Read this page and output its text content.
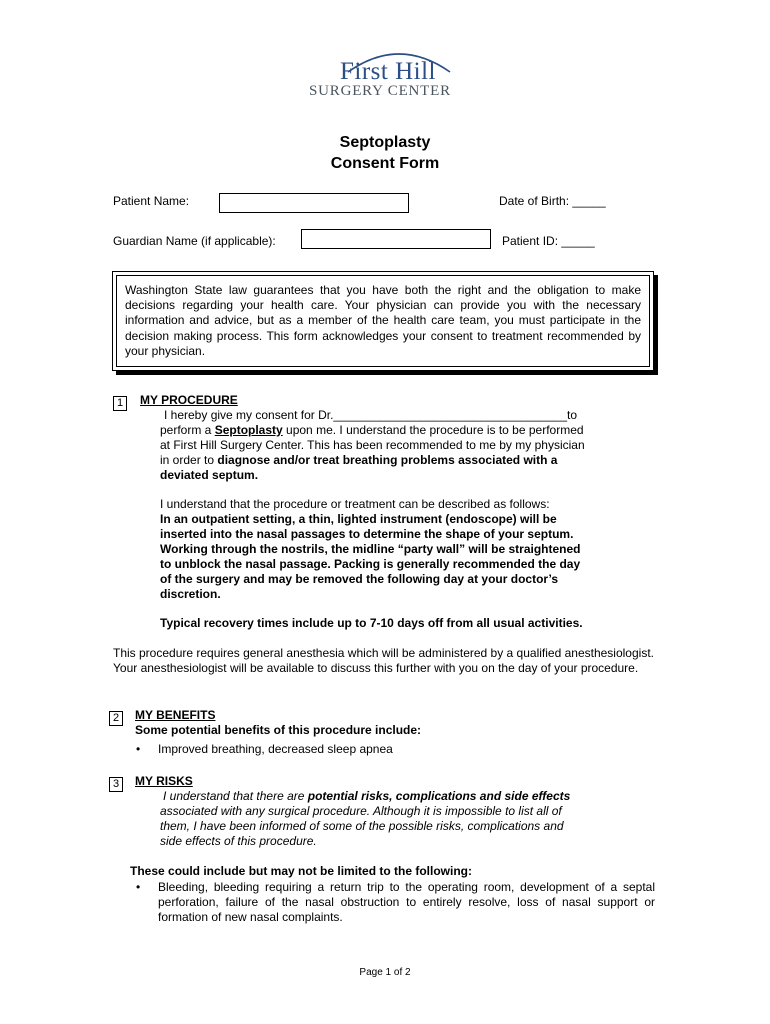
First Hill
SURGERY CENTER
Septoplasty
Consent Form
Patient Name:	Date of Birth: _____
Guardian Name (if applicable):	Patient ID: _____
Washington State law guarantees that you have both the right and the obligation to make decisions regarding your health care. Your physician can provide you with the necessary information and advice, but as a member of the health care team, you must participate in the decision making process. This form acknowledges your consent to treatment recommended by your physician.
1	MY PROCEDURE
I hereby give my consent for Dr.___________________________________to
perform a Septoplasty upon me. I understand the procedure is to be performed
at First Hill Surgery Center. This has been recommended to me by my physician
in order to diagnose and/or treat breathing problems associated with a
deviated septum.
I understand that the procedure or treatment can be described as follows:
In an outpatient setting, a thin, lighted instrument (endoscope) will be
inserted into the nasal passages to determine the shape of your septum.
Working through the nostrils, the midline “party wall” will be straightened
to unblock the nasal passage. Packing is generally recommended the day
of the surgery and may be removed the following day at your doctor’s
discretion.
Typical recovery times include up to 7-10 days off from all usual activities.
This procedure requires general anesthesia which will be administered by a qualified anesthesiologist. Your anesthesiologist will be available to discuss this further with you on the day of your procedure.
2	MY BENEFITS
Some potential benefits of this procedure include:
• Improved breathing, decreased sleep apnea
3	MY RISKS
I understand that there are potential risks, complications and side effects
associated with any surgical procedure. Although it is impossible to list all of
them, I have been informed of some of the possible risks, complications and
side effects of this procedure.
These could include but may not be limited to the following:
• Bleeding, bleeding requiring a return trip to the operating room, development of a septal perforation, failure of the nasal obstruction to entirely resolve, loss of nasal support or formation of new nasal complaints.
Page 1 of 2
